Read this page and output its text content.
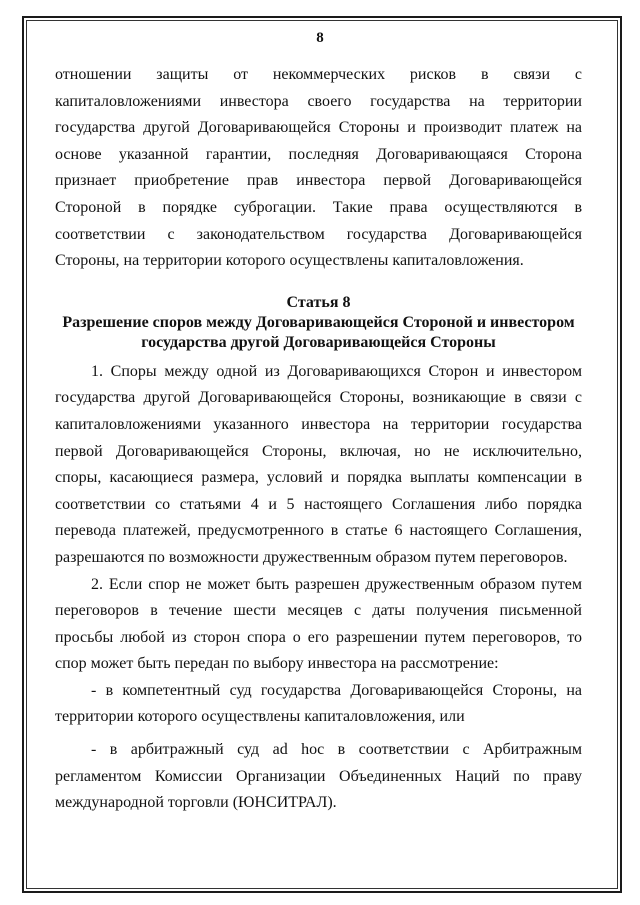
8
отношении защиты от некоммерческих рисков в связи с
капиталовложениями инвестора своего государства на территории
государства другой Договаривающейся Стороны и производит платеж на
основе указанной гарантии, последняя Договаривающаяся Сторона
признает приобретение прав инвестора первой Договаривающейся
Стороной в порядке суброгации. Такие права осуществляются в
соответствии с законодательством государства Договаривающейся
Стороны, на территории которого осуществлены капиталовложения.

Статья 8

Разрешение споров между Договаривающейся Стороной и инвестором

государства другой Договаривающейся Стороны

1. Споры между одной из Договаривающихся Сторон и инвестором
государства другой Договаривающейся Стороны, возникающие в связи с
капиталовложениями указанного инвестора на территории государства
первой Договаривающейся Стороны, включая, но не исключительно,
споры, касающиеся размера, условий и порядка выплаты компенсации в
соответствии со статьями 4 и 5 настоящего Соглашения либо порядка
перевода платежей, предусмотренного в статье 6 настоящего Соглашения,
разрешаются по возможности дружественным образом путем переговоров.
2. Если спор не может быть разрешен дружественным образом путем
переговоров в течение шести месяцев с даты получения письменной
просьбы любой из сторон спора о его разрешении путем переговоров, то
спор может быть передан по выбору инвестора на рассмотрение:
- в компетентный суд государства Договаривающейся Стороны, на
территории которого осуществлены капиталовложения, или
- в арбитражный суд ad hoc в соответствии с Арбитражным
регламентом Комиссии Организации Объединенных Наций по праву
международной торговли (ЮНСИТРАЛ).
